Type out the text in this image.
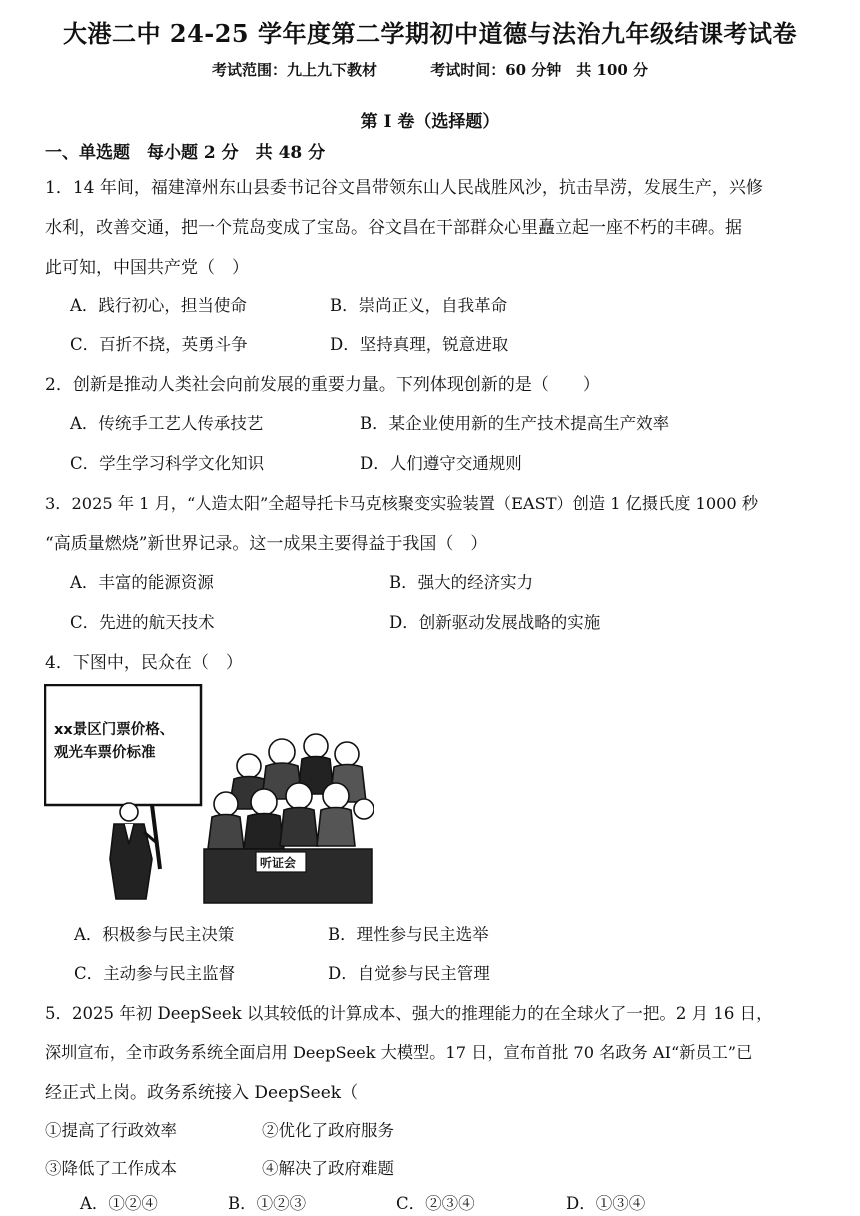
大港二中 24-25 学年度第二学期初中道德与法治九年级结课考试卷
考试范围：九上九下教材	考试时间：60 分钟　共 100 分
第 I 卷（选择题）
一、单选题　每小题 2 分　共 48 分
1．14 年间，福建漳州东山县委书记谷文昌带领东山人民战胜风沙，抗击旱涝，发展生产，兴修
水利，改善交通，把一个荒岛变成了宝岛。谷文昌在干部群众心里矗立起一座不朽的丰碑。据
此可知，中国共产党（　）
A．践行初心，担当使命	B．崇尚正义，自我革命
C．百折不挠，英勇斗争	D．坚持真理，锐意进取
2．创新是推动人类社会向前发展的重要力量。下列体现创新的是（　　）
A．传统手工艺人传承技艺	B．某企业使用新的生产技术提高生产效率
C．学生学习科学文化知识	D．人们遵守交通规则
3．2025 年 1 月，“人造太阳”全超导托卡马克核聚变实验装置（EAST）创造 1 亿摄氏度 1000 秒
“高质量燃烧”新世界记录。这一成果主要得益于我国（　）
A．丰富的能源资源	B．强大的经济实力
C．先进的航天技术	D．创新驱动发展战略的实施
4．下图中，民众在（　）
xx景区门票价格、
观光车票价标准
听证会
A．积极参与民主决策	B．理性参与民主选举
C．主动参与民主监督	D．自觉参与民主管理
5．2025 年初 DeepSeek 以其较低的计算成本、强大的推理能力的在全球火了一把。2 月 16 日，
深圳宣布，全市政务系统全面启用 DeepSeek 大模型。17 日，宣布首批 70 名政务 AI“新员工”已
经正式上岗。政务系统接入 DeepSeek（
①提高了行政效率	②优化了政府服务
③降低了工作成本	④解决了政府难题
A．①②④	B．①②③	C．②③④	D．①③④
